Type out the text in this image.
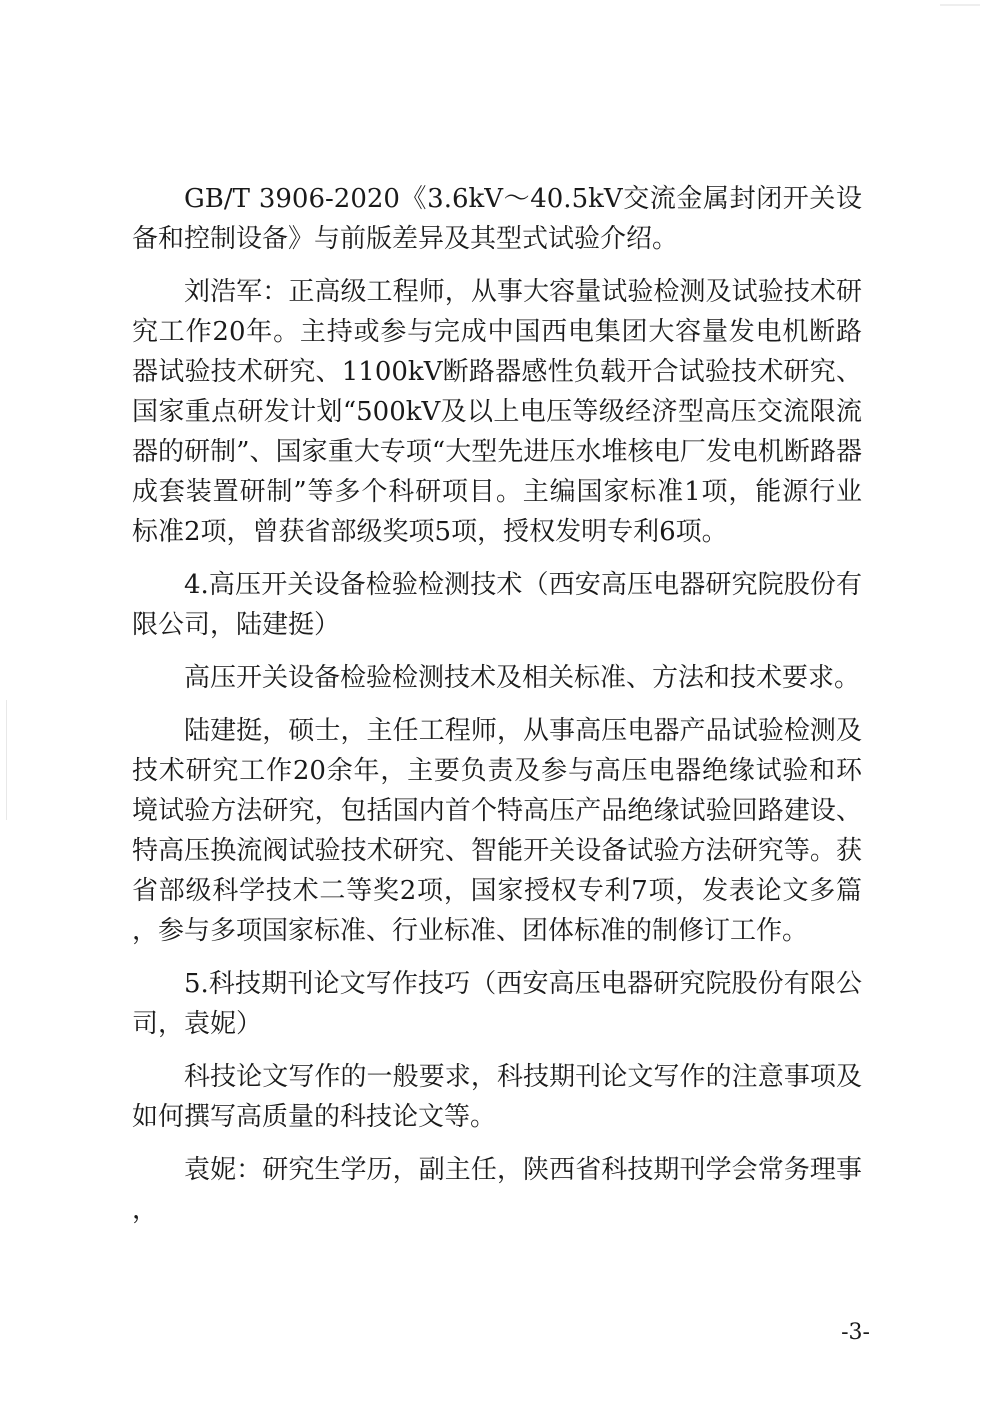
GB/T 3906-2020《3.6kV～40.5kV交流金属封闭开关设备和控制设备》与前版差异及其型式试验介绍。

刘浩军：正高级工程师，从事大容量试验检测及试验技术研究工作20年。主持或参与完成中国西电集团大容量发电机断路器试验技术研究、1100kV断路器感性负载开合试验技术研究、国家重点研发计划“500kV及以上电压等级经济型高压交流限流器的研制”、国家重大专项“大型先进压水堆核电厂发电机断路器成套装置研制”等多个科研项目。主编国家标准1项，能源行业标准2项，曾获省部级奖项5项，授权发明专利6项。

4.高压开关设备检验检测技术（西安高压电器研究院股份有限公司，陆建挺）

高压开关设备检验检测技术及相关标准、方法和技术要求。

陆建挺，硕士，主任工程师，从事高压电器产品试验检测及技术研究工作20余年，主要负责及参与高压电器绝缘试验和环境试验方法研究，包括国内首个特高压产品绝缘试验回路建设、特高压换流阀试验技术研究、智能开关设备试验方法研究等。获省部级科学技术二等奖2项，国家授权专利7项，发表论文多篇，参与多项国家标准、行业标准、团体标准的制修订工作。

5.科技期刊论文写作技巧（西安高压电器研究院股份有限公司，袁妮）

科技论文写作的一般要求，科技期刊论文写作的注意事项及如何撰写高质量的科技论文等。

袁妮：研究生学历，副主任，陕西省科技期刊学会常务理事，

-3-
